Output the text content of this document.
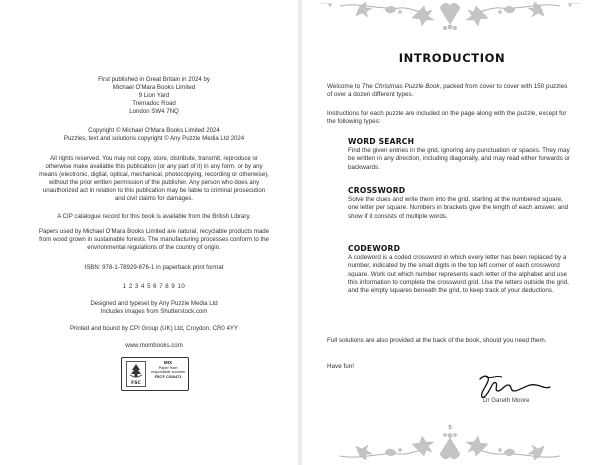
First published in Great Britain in 2024 by

Michael O'Mara Books Limited

9 Lion Yard

Tremadoc Road

London SW4 7NQ

Copyright © Michael O'Mara Books Limited 2024

Puzzles, text and solutions copyright © Any Puzzle Media Ltd 2024

All rights reserved. You may not copy, store, distribute, transmit, reproduce or otherwise make available this publication (or any part of it) in any form, or by any means (electronic, digital, optical, mechanical, photocopying, recording or otherwise), without the prior written permission of the publisher. Any person who does any unauthorized act in relation to this publication may be liable to criminal prosecution and civil claims for damages.
A CIP catalogue record for this book is available from the British Library.
Papers used by Michael O'Mara Books Limited are natural, recyclable products made from wood grown in sustainable forests. The manufacturing processes conform to the environmental regulations of the country of origin.
ISBN: 978-1-78929-676-1 in paperback print format
1 2 3 4 5 6 7 8 9 10

Designed and typeset by Any Puzzle Media Ltd

Includes images from Shutterstock.com

Printed and bound by CPI Group (UK) Ltd, Croydon, CR0 4YY
www.mombooks.com
FSC
MIX
Paper from
responsible sources
FSC® C020471
INTRODUCTION
Welcome to The Christmas Puzzle Book, packed from cover to cover with 150 puzzles of over a dozen different types.
Instructions for each puzzle are included on the page along with the puzzle, except for the following types:
WORD SEARCH
Find the given entries in the grid, ignoring any punctuation or spaces. They may be written in any direction, including diagonally, and may read either forwards or backwards.
CROSSWORD
Solve the clues and write them into the grid, starting at the numbered square, one letter per square. Numbers in brackets give the length of each answer, and show if it consists of multiple words.
CODEWORD
A codeword is a coded crossword in which every letter has been replaced by a number, indicated by the small digits in the top left corner of each crossword square. Work out which number represents each letter of the alphabet and use this information to complete the crossword grid. Use the letters outside the grid, and the empty squares beneath the grid, to keep track of your deductions.
Full solutions are also provided at the back of the book, should you need them.
Have fun!
Dr Gareth Moore
5
